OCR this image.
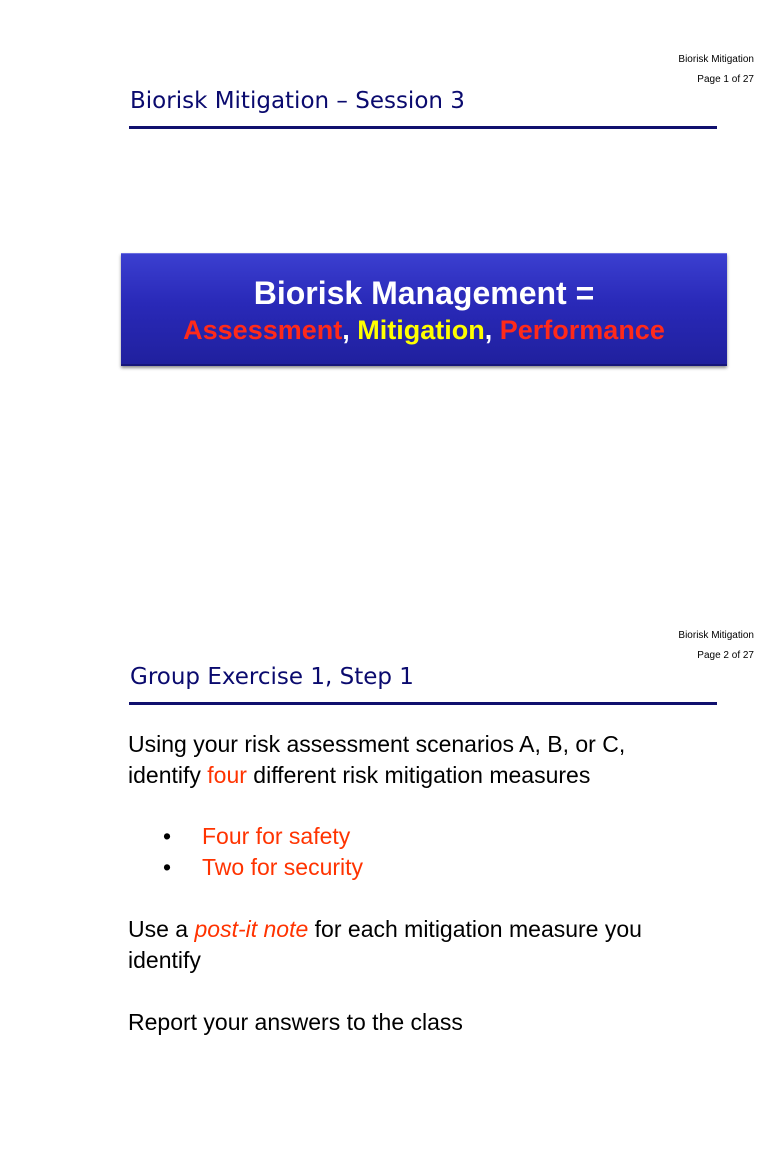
Biorisk Mitigation
Page 1 of 27
Biorisk Mitigation – Session 3
Biorisk Management =
Assessment, Mitigation, Performance
Biorisk Mitigation
Page 2 of 27
Group Exercise 1, Step 1
Using your risk assessment scenarios A, B, or C,
identify four different risk mitigation measures
• Four for safety
• Two for security
Use a post-it note for each mitigation measure you identify
Report your answers to the class
